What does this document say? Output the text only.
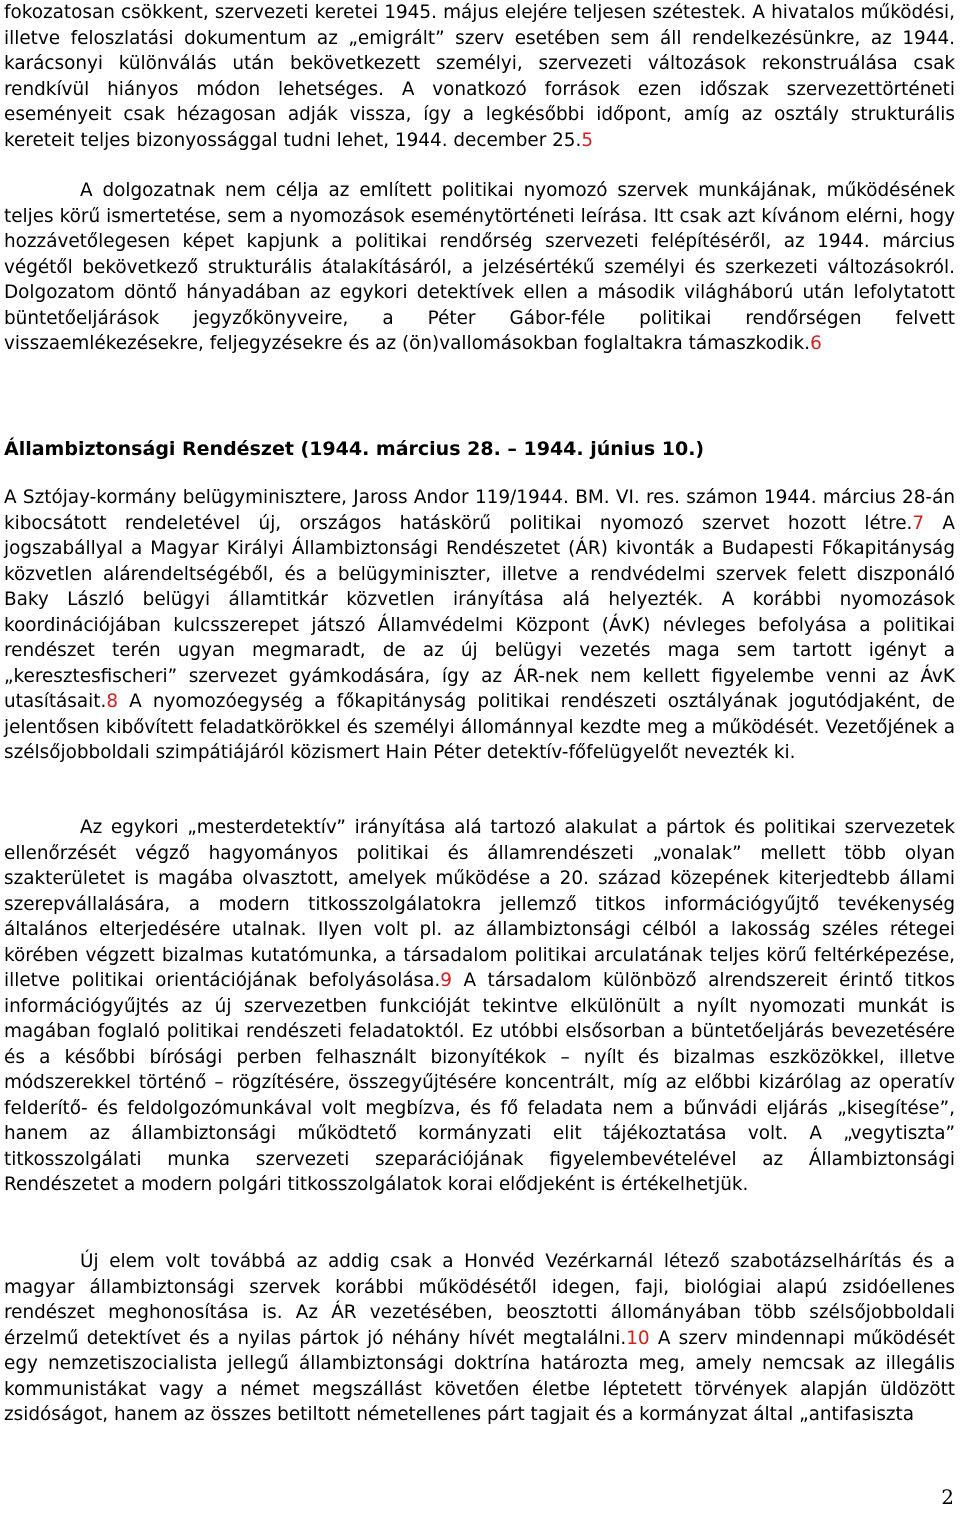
fokozatosan csökkent, szervezeti keretei 1945. május elejére teljesen szétestek. A hivatalos működési, illetve feloszlatási dokumentum az „emigrált” szerv esetében sem áll rendelkezésünkre, az 1944. karácsonyi különválás után bekövetkezett személyi, szervezeti változások rekonstruálása csak rendkívül hiányos módon lehetséges. A vonatkozó források ezen időszak szervezettörténeti eseményeit csak hézagosan adják vissza, így a legkésőbbi időpont, amíg az osztály strukturális kereteit teljes bizonyossággal tudni lehet, 1944. december 25.5

A dolgozatnak nem célja az említett politikai nyomozó szervek munkájának, működésének teljes körű ismertetése, sem a nyomozások eseménytörténeti leírása. Itt csak azt kívánom elérni, hogy hozzávetőlegesen képet kapjunk a politikai rendőrség szervezeti felépítéséről, az 1944. március végétől bekövetkező strukturális átalakításáról, a jelzésértékű személyi és szerkezeti változásokról. Dolgozatom döntő hányadában az egykori detektívek ellen a második világháború után lefolytatott büntetőeljárások jegyzőkönyveire, a Péter Gábor-féle politikai rendőrségen felvett visszaemlékezésekre, feljegyzésekre és az (ön)vallomásokban foglaltakra támaszkodik.6

Állambiztonsági Rendészet (1944. március 28. – 1944. június 10.)

A Sztójay-kormány belügyminisztere, Jaross Andor 119/1944. BM. VI. res. számon 1944. március 28-án kibocsátott rendeletével új, országos hatáskörű politikai nyomozó szervet hozott létre.7 A jogszabállyal a Magyar Királyi Állambiztonsági Rendészetet (ÁR) kivonták a Budapesti Főkapitányság közvetlen alárendeltségéből, és a belügyminiszter, illetve a rendvédelmi szervek felett diszponáló Baky László belügyi államtitkár közvetlen irányítása alá helyezték. A korábbi nyomozások koordinációjában kulcsszerepet játszó Államvédelmi Központ (ÁvK) névleges befolyása a politikai rendészet terén ugyan megmaradt, de az új belügyi vezetés maga sem tartott igényt a „keresztesfischeri” szervezet gyámkodására, így az ÁR-nek nem kellett figyelembe venni az ÁvK utasításait.8 A nyomozóegység a főkapitányság politikai rendészeti osztályának jogutódjaként, de jelentősen kibővített feladatkörökkel és személyi állománnyal kezdte meg a működését. Vezetőjének a szélsőjobboldali szimpátiájáról közismert Hain Péter detektív-főfelügyelőt nevezték ki.

Az egykori „mesterdetektív” irányítása alá tartozó alakulat a pártok és politikai szervezetek ellenőrzését végző hagyományos politikai és államrendészeti „vonalak” mellett több olyan szakterületet is magába olvasztott, amelyek működése a 20. század közepének kiterjedtebb állami szerepvállalására, a modern titkosszolgálatokra jellemző titkos információgyűjtő tevékenység általános elterjedésére utalnak. Ilyen volt pl. az állambiztonsági célból a lakosság széles rétegei körében végzett bizalmas kutatómunka, a társadalom politikai arculatának teljes körű feltérképezése, illetve politikai orientációjának befolyásolása.9 A társadalom különböző alrendszereit érintő titkos információgyűjtés az új szervezetben funkcióját tekintve elkülönült a nyílt nyomozati munkát is magában foglaló politikai rendészeti feladatoktól. Ez utóbbi elsősorban a büntetőeljárás bevezetésére és a későbbi bírósági perben felhasznált bizonyítékok – nyílt és bizalmas eszközökkel, illetve módszerekkel történő – rögzítésére, összegyűjtésére koncentrált, míg az előbbi kizárólag az operatív felderítő- és feldolgozómunkával volt megbízva, és fő feladata nem a bűnvádi eljárás „kisegítése”, hanem az állambiztonsági működtető kormányzati elit tájékoztatása volt. A „vegytiszta” titkosszolgálati munka szervezeti szeparációjának figyelembevételével az Állambiztonsági Rendészetet a modern polgári titkosszolgálatok korai elődjeként is értékelhetjük.

Új elem volt továbbá az addig csak a Honvéd Vezérkarnál létező szabotázselhárítás és a magyar állambiztonsági szervek korábbi működésétől idegen, faji, biológiai alapú zsidóellenes rendészet meghonosítása is. Az ÁR vezetésében, beosztotti állományában több szélsőjobboldali érzelmű detektívet és a nyilas pártok jó néhány hívét megtalálni.10 A szerv mindennapi működését egy nemzetiszocialista jellegű állambiztonsági doktrína határozta meg, amely nemcsak az illegális kommunistákat vagy a német megszállást követően életbe léptetett törvények alapján üldözött zsidóságot, hanem az összes betiltott németellenes párt tagjait és a kormányzat által „antifasiszta

2
